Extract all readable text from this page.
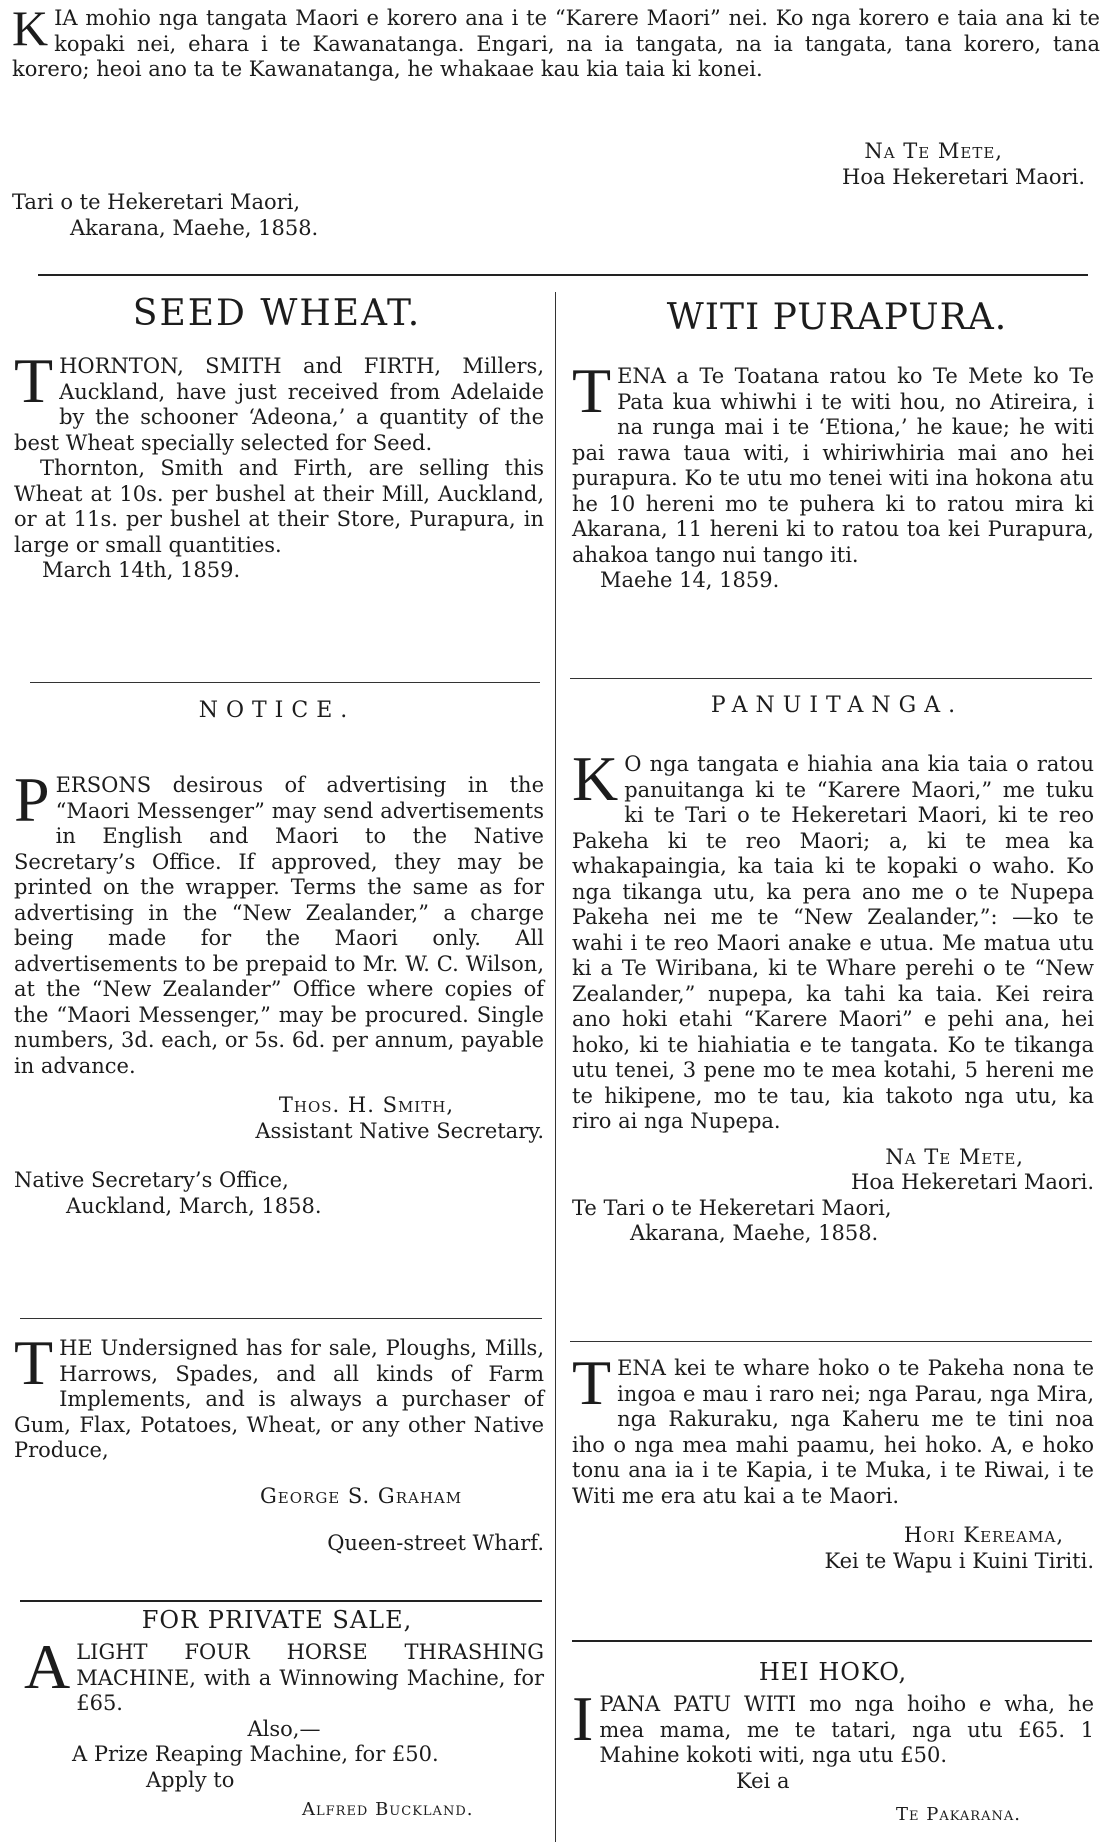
KIA mohio nga tangata Maori e korero ana i te “Karere Maori” nei. Ko nga korero e taia ana ki te kopaki nei, ehara i te Kawanatanga. Engari, na ia tangata, na ia tangata, tana korero, tana korero; heoi ano ta te Kawanatanga, he whakaae kau kia taia ki konei.

Na Te Mete,
Hoa Hekeretari Maori.
Tari o te Hekeretari Maori,
Akarana, Maehe, 1858.
SEED WHEAT.

THORNTON, SMITH and FIRTH, Millers, Auckland, have just received from Adelaide by the schooner ‘Adeona,’ a quantity of the best Wheat specially selected for Seed.

Thornton, Smith and Firth, are selling this Wheat at 10s. per bushel at their Mill, Auckland, or at 11s. per bushel at their Store, Purapura, in large or small quantities.

March 14th, 1859.

NOTICE.

PERSONS desirous of advertising in the “Maori Messenger” may send advertisements in English and Maori to the Native Secretary’s Office. If approved, they may be printed on the wrapper. Terms the same as for advertising in the “New Zealander,” a charge being made for the Maori only. All advertisements to be prepaid to Mr. W. C. Wilson, at the “New Zealander” Office where copies of the “Maori Messenger,” may be procured. Single numbers, 3d. each, or 5s. 6d. per annum, payable in advance.

Thos. H. Smith,
Assistant Native Secretary.
Native Secretary’s Office,
Auckland, March, 1858.

THE Undersigned has for sale, Ploughs, Mills, Harrows, Spades, and all kinds of Farm Implements, and is always a purchaser of Gum, Flax, Potatoes, Wheat, or any other Native Produce,

George S. Graham
Queen-street Wharf.
FOR PRIVATE SALE,

ALIGHT FOUR HORSE THRASHING MACHINE, with a Winnowing Machine, for £65.

Also,—
A Prize Reaping Machine, for £50.
Apply to
Alfred Buckland.
WITI PURAPURA.

TENA a Te Toatana ratou ko Te Mete ko Te Pata kua whiwhi i te witi hou, no Atireira, i na runga mai i te ‘Etiona,’ he kaue; he witi pai rawa taua witi, i whiriwhiria mai ano hei purapura. Ko te utu mo tenei witi ina hokona atu he 10 hereni mo te puhera ki to ratou mira ki Akarana, 11 hereni ki to ratou toa kei Purapura, ahakoa tango nui tango iti.

Maehe 14, 1859.

PANUITANGA.

K O nga tangata e hiahia ana kia taia o ratou panuitanga ki te “Karere Maori,” me tuku ki te Tari o te Hekeretari Maori, ki te reo Pakeha ki te reo Maori; a, ki te mea ka whakapaingia, ka taia ki te kopaki o waho. Ko nga tikanga utu, ka pera ano me o te Nupepa Pakeha nei me te “New Zealander,”: —ko te wahi i te reo Maori anake e utua. Me matua utu ki a Te Wiribana, ki te Whare perehi o te “New Zealander,” nupepa, ka tahi ka taia. Kei reira ano hoki etahi “Karere Maori” e pehi ana, hei hoko, ki te hiahiatia e te tangata. Ko te tikanga utu tenei, 3 pene mo te mea kotahi, 5 hereni me te hikipene, mo te tau, kia takoto nga utu, ka riro ai nga Nupepa.

Na Te Mete,
Hoa Hekeretari Maori.
Te Tari o te Hekeretari Maori,
Akarana, Maehe, 1858.

TENA kei te whare hoko o te Pakeha nona te ingoa e mau i raro nei; nga Parau, nga Mira, nga Rakuraku, nga Kaheru me te tini noa iho o nga mea mahi paamu, hei hoko. A, e hoko tonu ana ia i te Kapia, i te Muka, i te Riwai, i te Witi me era atu kai a te Maori.

Hori Kereama,
Kei te Wapu i Kuini Tiriti.
HEI HOKO,

IPANA PATU WITI mo nga hoiho e wha, he mea mama, me te tatari, nga utu £65. 1 Mahine kokoti witi, nga utu £50.

Kei a
Te Pakarana.
